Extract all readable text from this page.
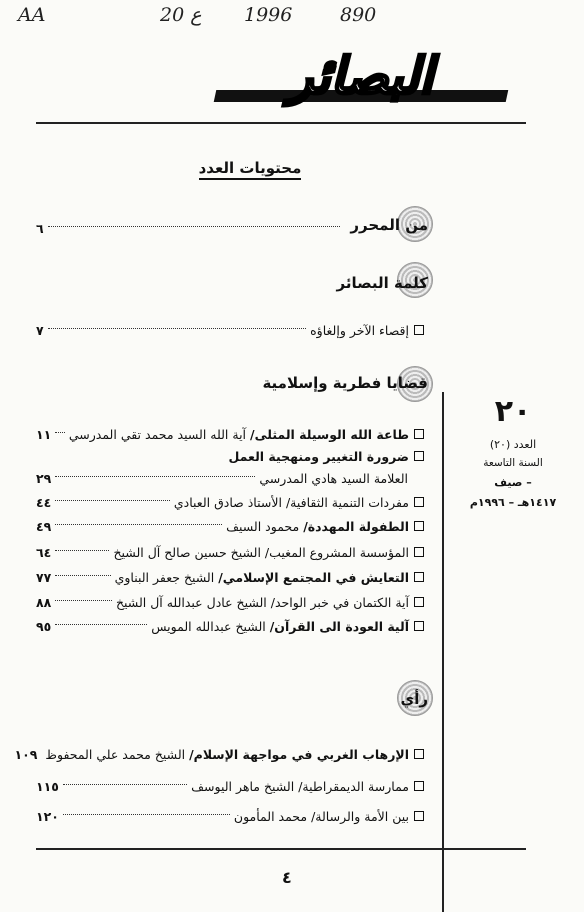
AA	20 ع 1996	890
البصائر
محتويات العدد
من المحرر
٦
كلمة البصائر
إقصاء الآخر وإلغاؤه
٧
قضايا فطرية وإسلامية
طاعة الله الوسيلة المثلى/ آية الله السيد محمد تقي المدرسي
١١
ضرورة التغيير ومنهجية العمل
العلامة السيد هادي المدرسي
٢٩
مفردات التنمية الثقافية/ الأستاذ صادق العبادي
٤٤
الطفولة المهددة/ محمود السيف
٤٩
المؤسسة المشروع المغيب/ الشيخ حسين صالح آل الشيخ
٦٤
التعايش في المجتمع الإسلامي/ الشيخ جعفر البناوي
٧٧
آية الكتمان في خبر الواحد/ الشيخ عادل عبدالله آل الشيخ
٨٨
آلية العودة الى القرآن/ الشيخ عبدالله المويس
٩٥
رأي
الإرهاب الغربي في مواجهة الإسلام/ الشيخ محمد علي المحفوظ
١٠٩
ممارسة الديمقراطية/ الشيخ ماهر اليوسف
١١٥
بين الأمة والرسالة/ محمد المأمون
١٢٠
٢٠
العدد (٢٠)
السنة التاسعة
– صيف
١٤١٧هـ – ١٩٩٦م
٤
